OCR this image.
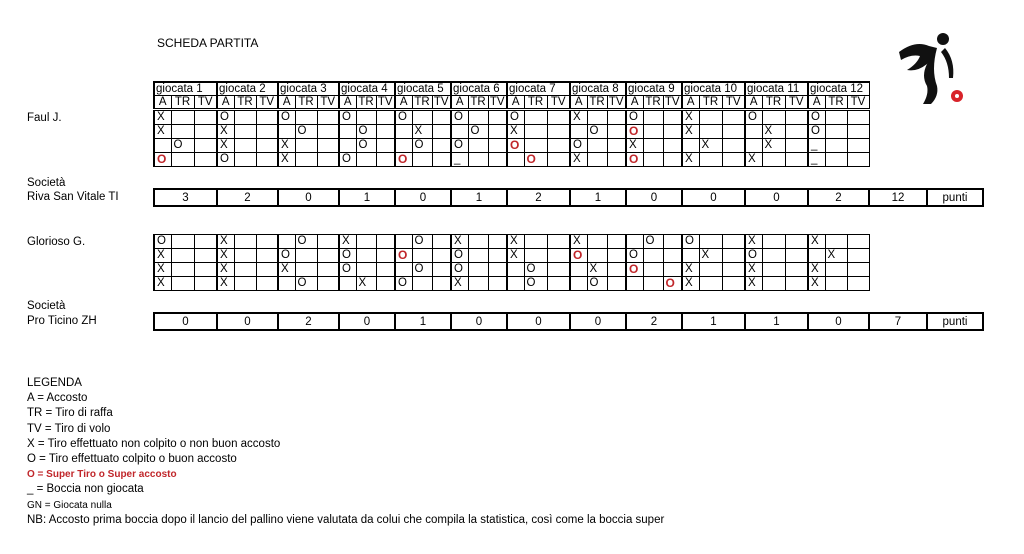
SCHEDA PARTITA
giocata 1			giocata 2			giocata 3			giocata 4			giocata 5			giocata 6			giocata 7			giocata 8			giocata 9			giocata 10			giocata 11			giocata 12		
A	TR	TV	A	TR	TV	A	TR	TV	A	TR	TV	A	TR	TV	A	TR	TV	A	TR	TV	A	TR	TV	A	TR	TV	A	TR	TV	A	TR	TV	A	TR	TV
Faul J.	X			O			O			O			O			O			O			X			O			X			O			O		
X			X				O			O			X			O		X				O		O			X				X		O		
	O		X			X				O			O		O			O			O			X				X			X		_		
O			O			X			O			O			_				O		X			O			X			X			_		
Società
Riva San Vitale TI	3	2	0	1	0	1	2	1	0	0	0	2	12	punti
Glorioso G.	O			X				O		X				O		X			X			X				O		O			X			X		
X			X			O			O			O			O			X			O			O				X		O				X	
X			X			X			O				O		O				O			X		O			X			X			X		
X			X				O			X		O			X				O			O				O	X			X			X		
Società
Pro Ticino ZH	0	0	2	0	1	0	0	0	2	1	1	0	7	punti
LEGENDA
A = Accosto
TR = Tiro di raffa
TV = Tiro di volo
X = Tiro effettuato non colpito o non buon accosto
O = Tiro effettuato colpito o buon accosto
O = Super Tiro o Super accosto
_ = Boccia non giocata
GN = Giocata nulla
NB: Accosto prima boccia dopo il lancio del pallino viene valutata da colui che compila la statistica, così come la boccia super
